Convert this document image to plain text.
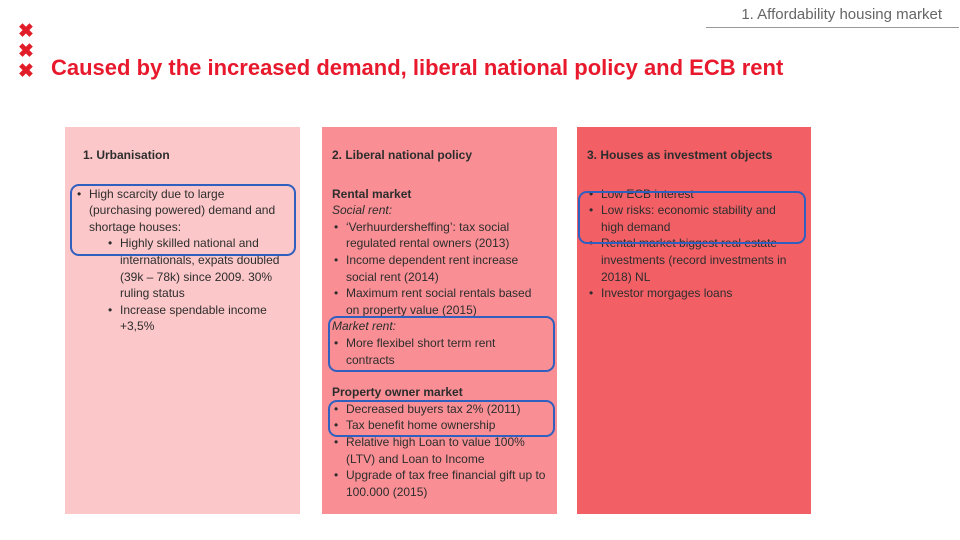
1. Affordability housing market
✖
✖
✖ Caused by the increased demand, liberal national policy and ECB rent
1. Urbanisation
• High scarcity due to large (purchasing powered) demand and shortage houses:
• Highly skilled national and internationals, expats doubled (39k – 78k) since 2009. 30% ruling status
• Increase spendable income +3,5%
2. Liberal national policy
Rental market
Social rent:
• ‘Verhuurdersheffing’: tax social regulated rental owners (2013)
• Income dependent rent increase social rent (2014)
• Maximum rent social rentals based on property value (2015)
Market rent:
• More flexibel short term rent contracts
Property owner market
• Decreased buyers tax 2% (2011)
• Tax benefit home ownership
• Relative high Loan to value 100% (LTV) and Loan to Income
• Upgrade of tax free financial gift up to 100.000 (2015)
3. Houses as investment objects
• Low ECB interest
• Low risks: economic stability and high demand
• Rental market biggest real estate investments (record investments in 2018) NL
• Investor morgages loans
